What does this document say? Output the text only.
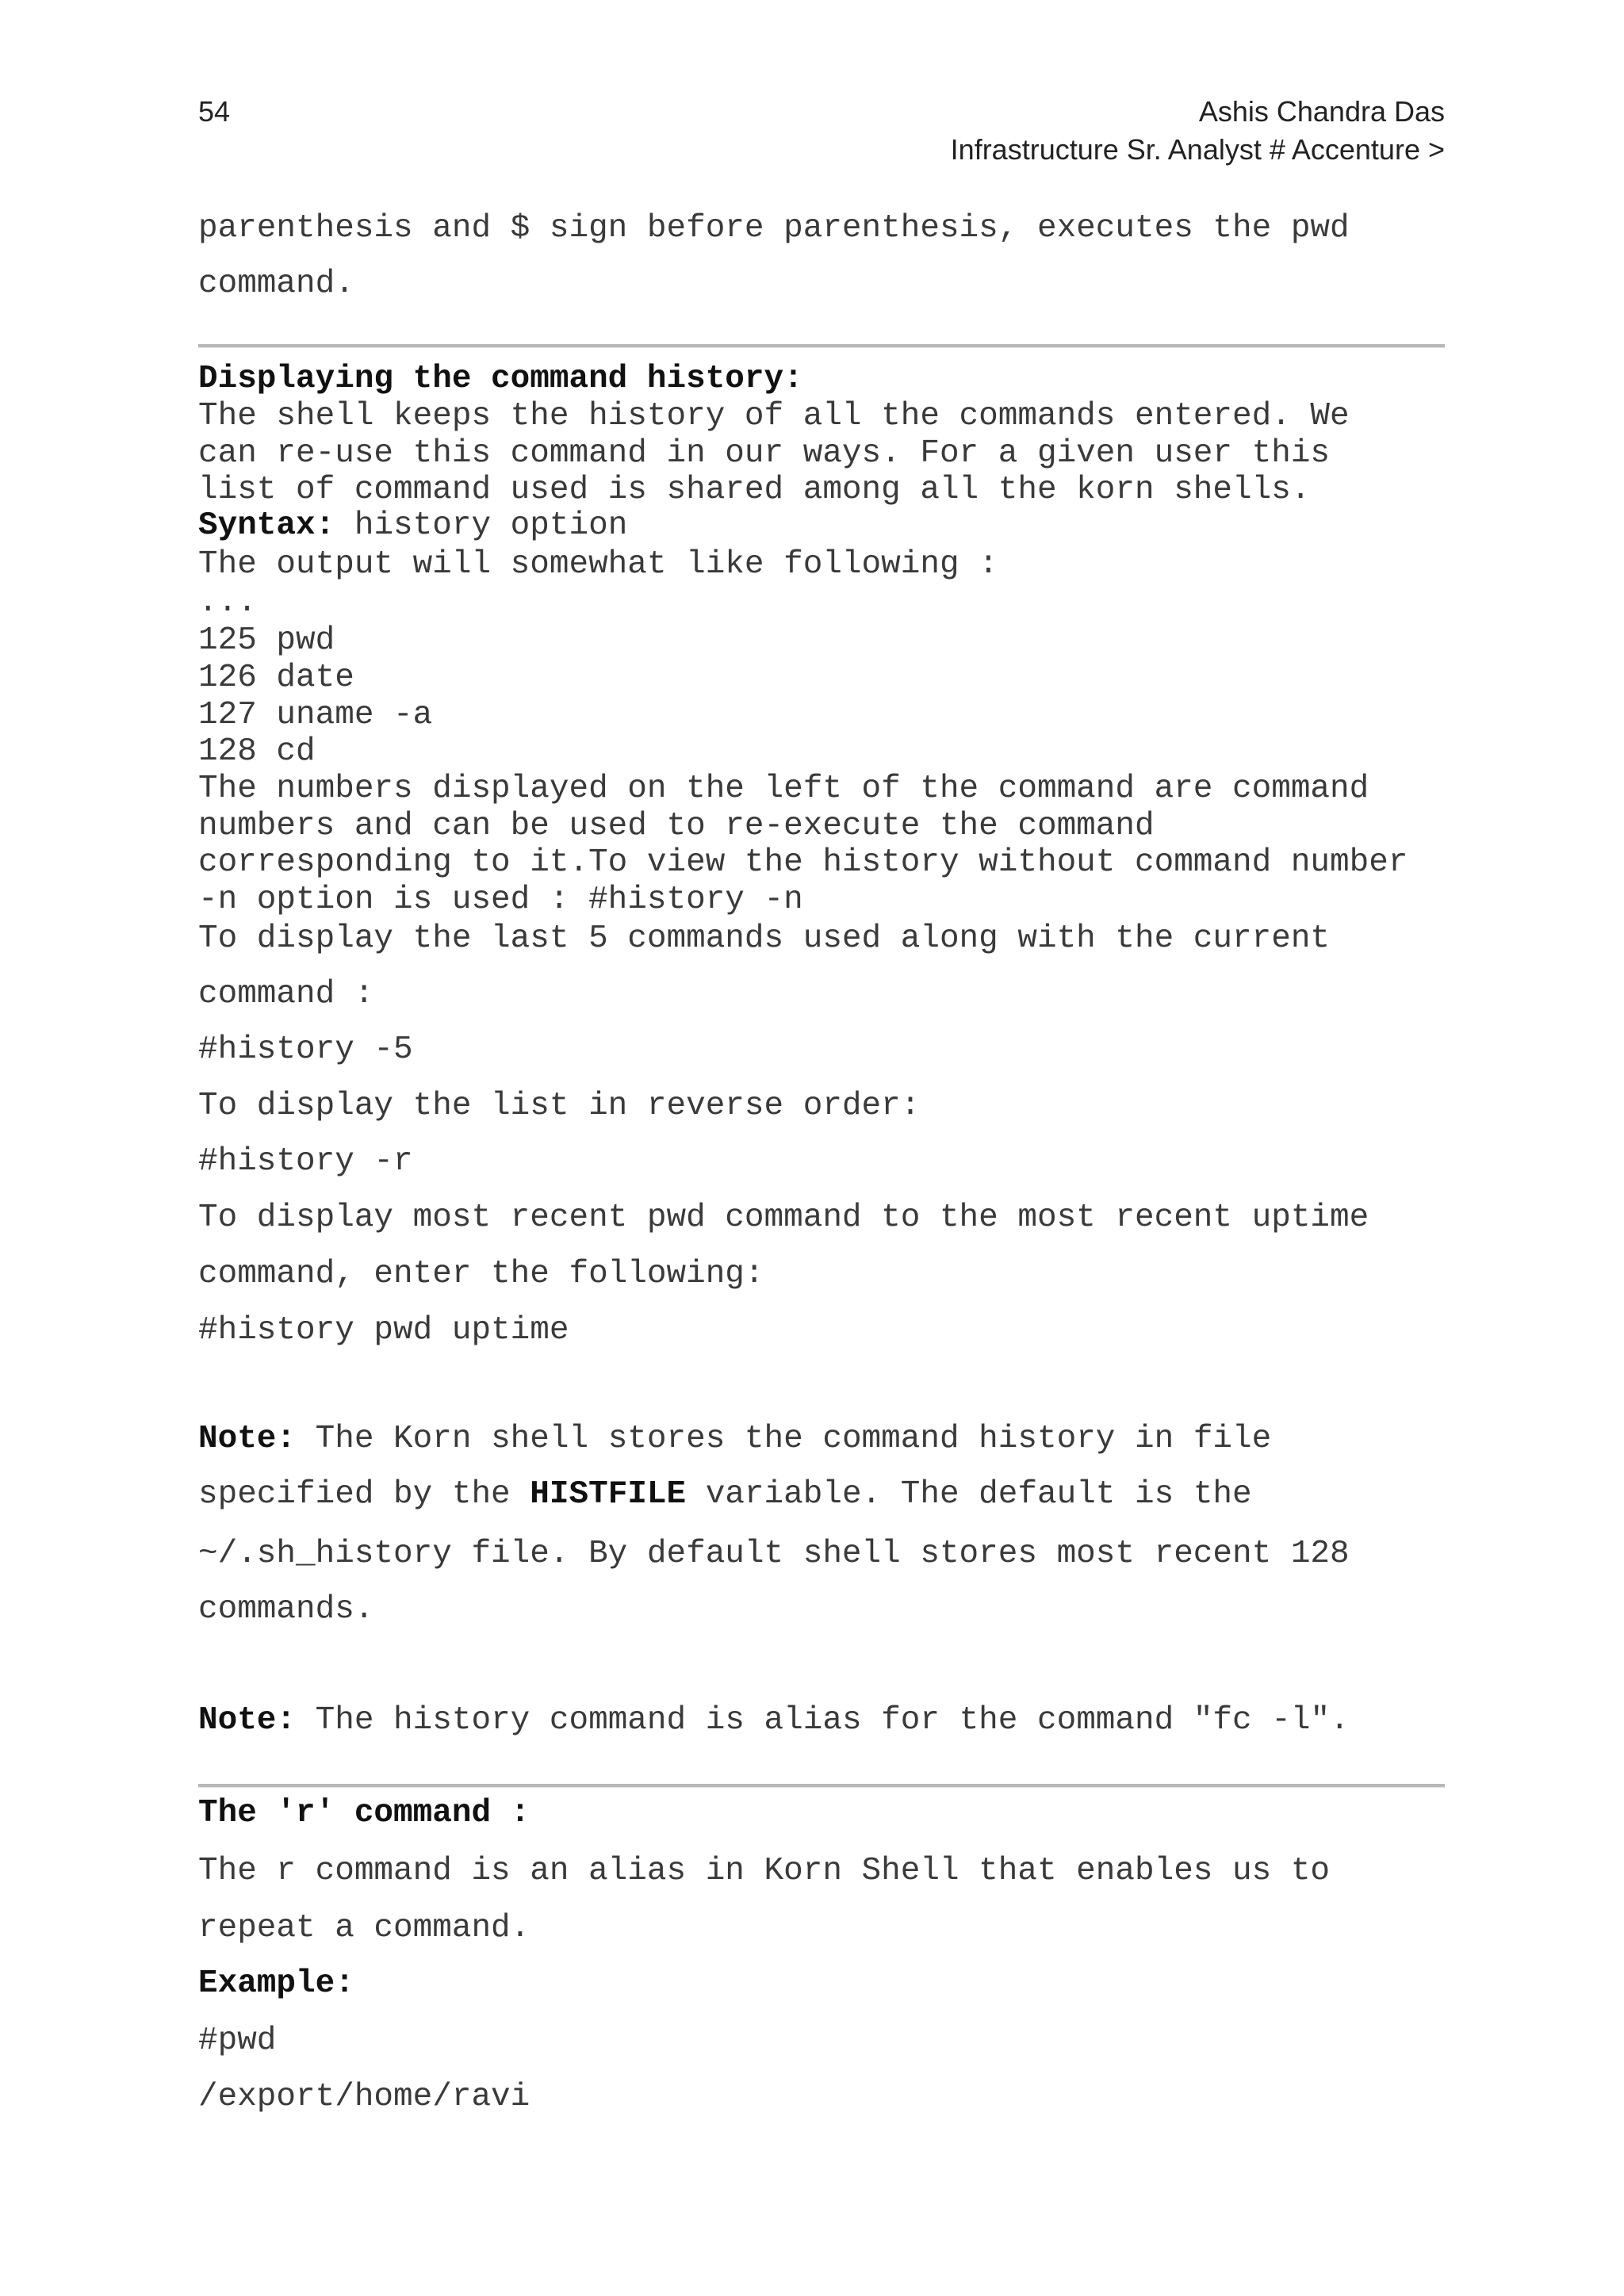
54	Ashis Chandra Das
Infrastructure Sr. Analyst # Accenture >
parenthesis and $ sign before parenthesis, executes the pwd
command.
Displaying the command history:
The shell keeps the history of all the commands entered. We
can re-use this command in our ways. For a given user this
list of command used is shared among all the korn shells.
Syntax: history option
The output will somewhat like following :
...
125 pwd
126 date
127 uname -a
128 cd
The numbers displayed on the left of the command are command
numbers and can be used to re-execute the command
corresponding to it.To view the history without command number
-n option is used : #history -n
To display the last 5 commands used along with the current
command :
#history -5
To display the list in reverse order:
#history -r
To display most recent pwd command to the most recent uptime
command, enter the following:
#history pwd uptime
Note: The Korn shell stores the command history in file
specified by the HISTFILE variable. The default is the
~/.sh_history file. By default shell stores most recent 128
commands.
Note: The history command is alias for the command "fc -l".
The 'r' command :
The r command is an alias in Korn Shell that enables us to
repeat a command.
Example:
#pwd
/export/home/ravi
